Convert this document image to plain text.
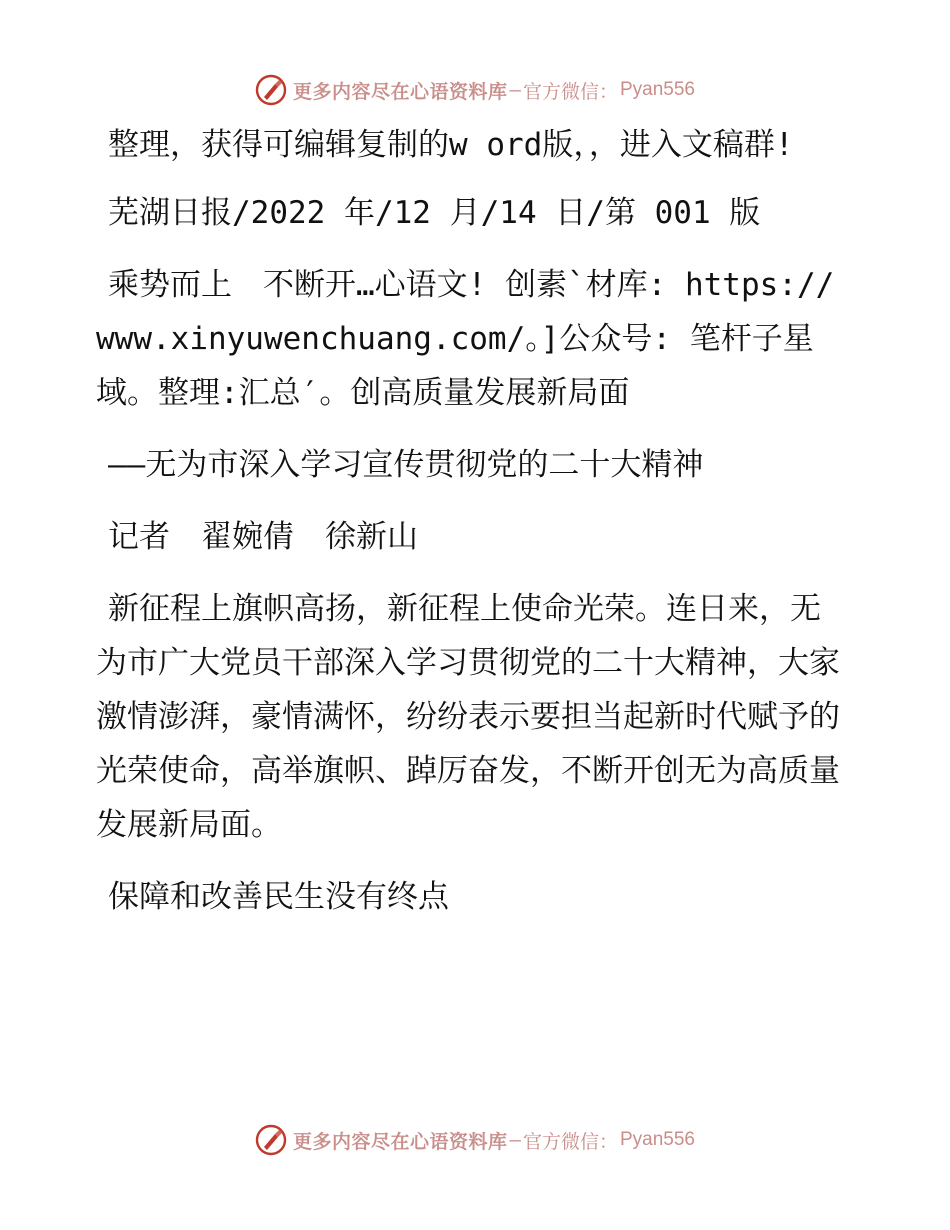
更多内容尽在心语资料库 — 官方微信： Pyan556

整理，获得可编辑复制的w ord版，，进入文稿群!

芜湖日报/2022 年/12 月/14 日/第 001 版

乘势而上　不断开…心语文! 创素`材库: https://www.xinyuwenchuang.com/。]公众号: 笔杆子星域。整理:汇总′。创高质量发展新局面

——无为市深入学习宣传贯彻党的二十大精神

记者　翟婉倩　徐新山

新征程上旗帜高扬，新征程上使命光荣。连日来，无为市广大党员干部深入学习贯彻党的二十大精神，大家激情澎湃，豪情满怀，纷纷表示要担当起新时代赋予的光荣使命，高举旗帜、踔厉奋发，不断开创无为高质量发展新局面。

保障和改善民生没有终点

更多内容尽在心语资料库 — 官方微信： Pyan556
